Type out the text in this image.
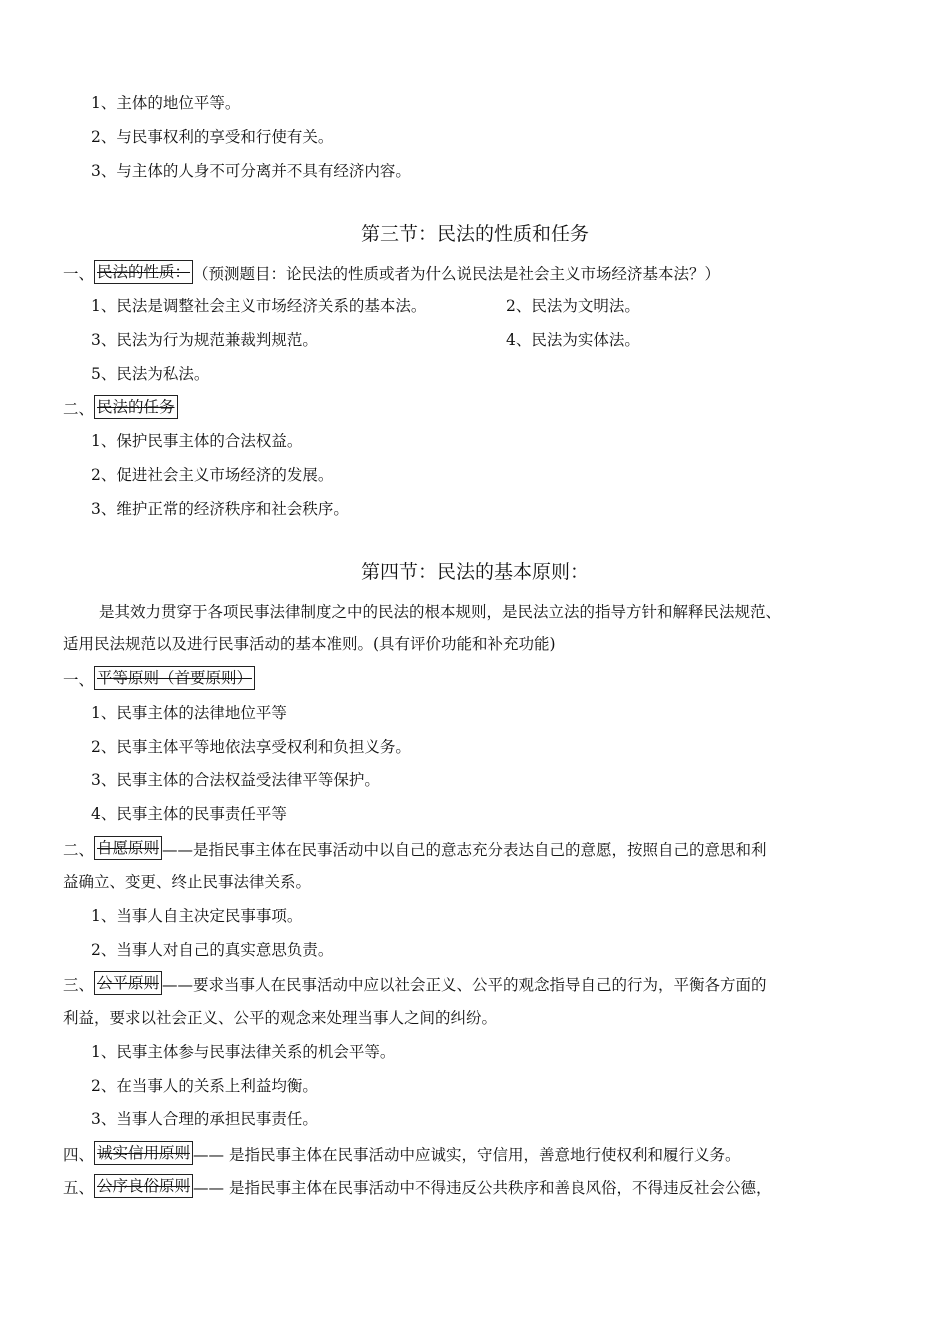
1、主体的地位平等。
2、与民事权利的享受和行使有关。
3、与主体的人身不可分离并不具有经济内容。
第三节：民法的性质和任务
一、 民法的性质： （预测题目：论民法的性质或者为什么说民法是社会主义市场经济基本法？）
1、民法是调整社会主义市场经济关系的基本法。	2、民法为文明法。
3、民法为行为规范兼裁判规范。	4、民法为实体法。
5、民法为私法。
二、 民法的任务
1、保护民事主体的合法权益。
2、促进社会主义市场经济的发展。
3、维护正常的经济秩序和社会秩序。
第四节：民法的基本原则：
是其效力贯穿于各项民事法律制度之中的民法的根本规则，是民法立法的指导方针和解释民法规范、
适用民法规范以及进行民事活动的基本准则。(具有评价功能和补充功能)
一、 平等原则（首要原则）
1、民事主体的法律地位平等
2、民事主体平等地依法享受权利和负担义务。
3、民事主体的合法权益受法律平等保护。
4、民事主体的民事责任平等
二、 自愿原则 ——是指民事主体在民事活动中以自己的意志充分表达自己的意愿，按照自己的意思和利
益确立、变更、终止民事法律关系。
1、当事人自主决定民事事项。
2、当事人对自己的真实意思负责。
三、 公平原则 ——要求当事人在民事活动中应以社会正义、公平的观念指导自己的行为，平衡各方面的
利益，要求以社会正义、公平的观念来处理当事人之间的纠纷。
1、民事主体参与民事法律关系的机会平等。
2、在当事人的关系上利益均衡。
3、当事人合理的承担民事责任。
四、 诚实信用原则 —— 是指民事主体在民事活动中应诚实，守信用，善意地行使权利和履行义务。
五、 公序良俗原则 —— 是指民事主体在民事活动中不得违反公共秩序和善良风俗，不得违反社会公德，
